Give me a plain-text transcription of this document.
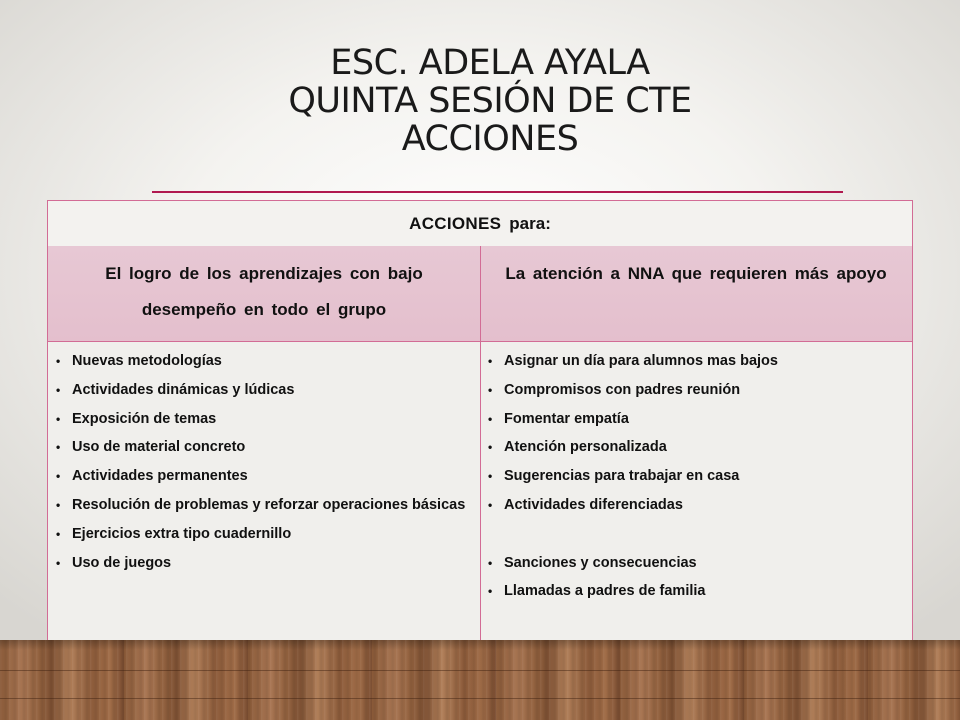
ESC. ADELA AYALA
QUINTA SESIÓN DE CTE
ACCIONES
ACCIONES para:
El logro de los aprendizajes con bajo desempeño en todo el grupo
La atención a NNA que requieren más apoyo
• Nuevas metodologías
• Actividades dinámicas y lúdicas
• Exposición de temas
• Uso de material concreto
• Actividades permanentes
• Resolución de problemas y reforzar operaciones básicas
• Ejercicios extra tipo cuadernillo
• Uso de juegos
• Asignar un día para alumnos mas bajos
• Compromisos con padres reunión
• Fomentar empatía
• Atención personalizada
• Sugerencias para trabajar en casa
• Actividades diferenciadas
• Sanciones y consecuencias
• Llamadas a padres de familia
